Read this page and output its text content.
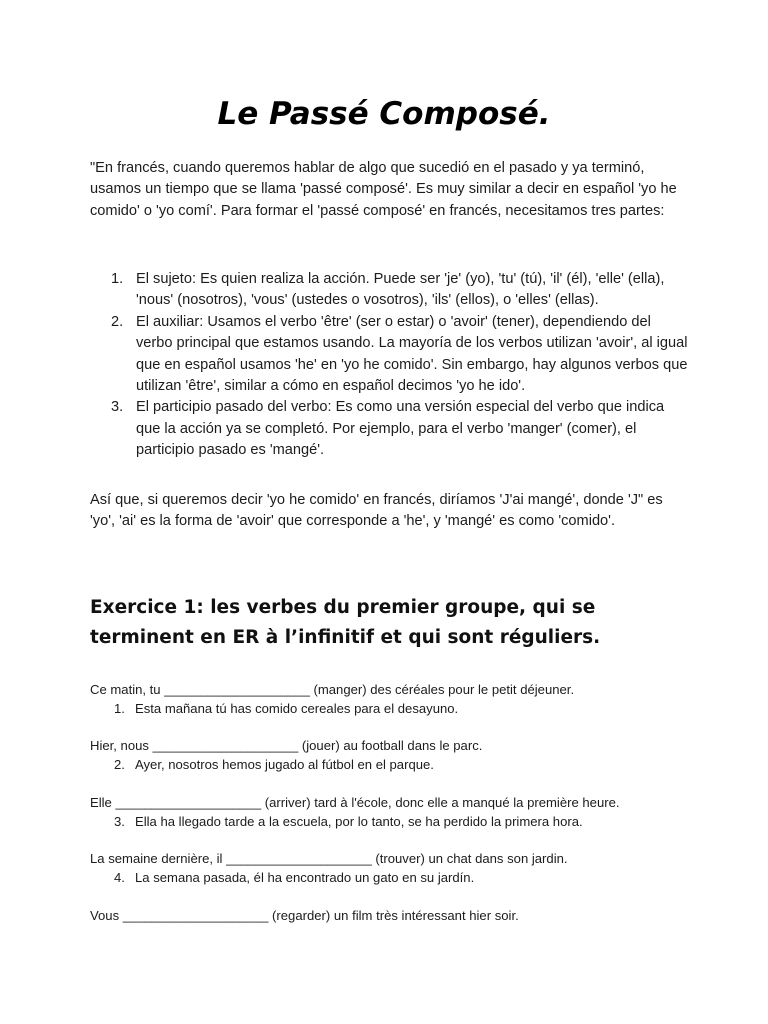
Le Passé Composé.

"En francés, cuando queremos hablar de algo que sucedió en el pasado y ya terminó, usamos un tiempo que se llama 'passé composé'. Es muy similar a decir en español 'yo he comido' o 'yo comí'. Para formar el 'passé composé' en francés, necesitamos tres partes:

1. El sujeto: Es quien realiza la acción. Puede ser 'je' (yo), 'tu' (tú), 'il' (él), 'elle' (ella), 'nous' (nosotros), 'vous' (ustedes o vosotros), 'ils' (ellos), o 'elles' (ellas).
2. El auxiliar: Usamos el verbo 'être' (ser o estar) o 'avoir' (tener), dependiendo del verbo principal que estamos usando. La mayoría de los verbos utilizan 'avoir', al igual que en español usamos 'he' en 'yo he comido'. Sin embargo, hay algunos verbos que utilizan 'être', similar a cómo en español decimos 'yo he ido'.
3. El participio pasado del verbo: Es como una versión especial del verbo que indica que la acción ya se completó. Por ejemplo, para el verbo 'manger' (comer), el participio pasado es 'mangé'.

Así que, si queremos decir 'yo he comido' en francés, diríamos 'J'ai mangé', donde 'J" es 'yo', 'ai' es la forma de 'avoir' que corresponde a 'he', y 'mangé' es como 'comido'.

Exercice 1: les verbes du premier groupe, qui se terminent en ER à l’infinitif et qui sont réguliers.
Ce matin, tu ____________________ (manger) des céréales pour le petit déjeuner.
1. Esta mañana tú has comido cereales para el desayuno.
Hier, nous ____________________ (jouer) au football dans le parc.
2. Ayer, nosotros hemos jugado al fútbol en el parque.
Elle ____________________ (arriver) tard à l'école, donc elle a manqué la première heure.
3. Ella ha llegado tarde a la escuela, por lo tanto, se ha perdido la primera hora.
La semaine dernière, il ____________________ (trouver) un chat dans son jardin.
4. La semana pasada, él ha encontrado un gato en su jardín.
Vous ____________________ (regarder) un film très intéressant hier soir.
